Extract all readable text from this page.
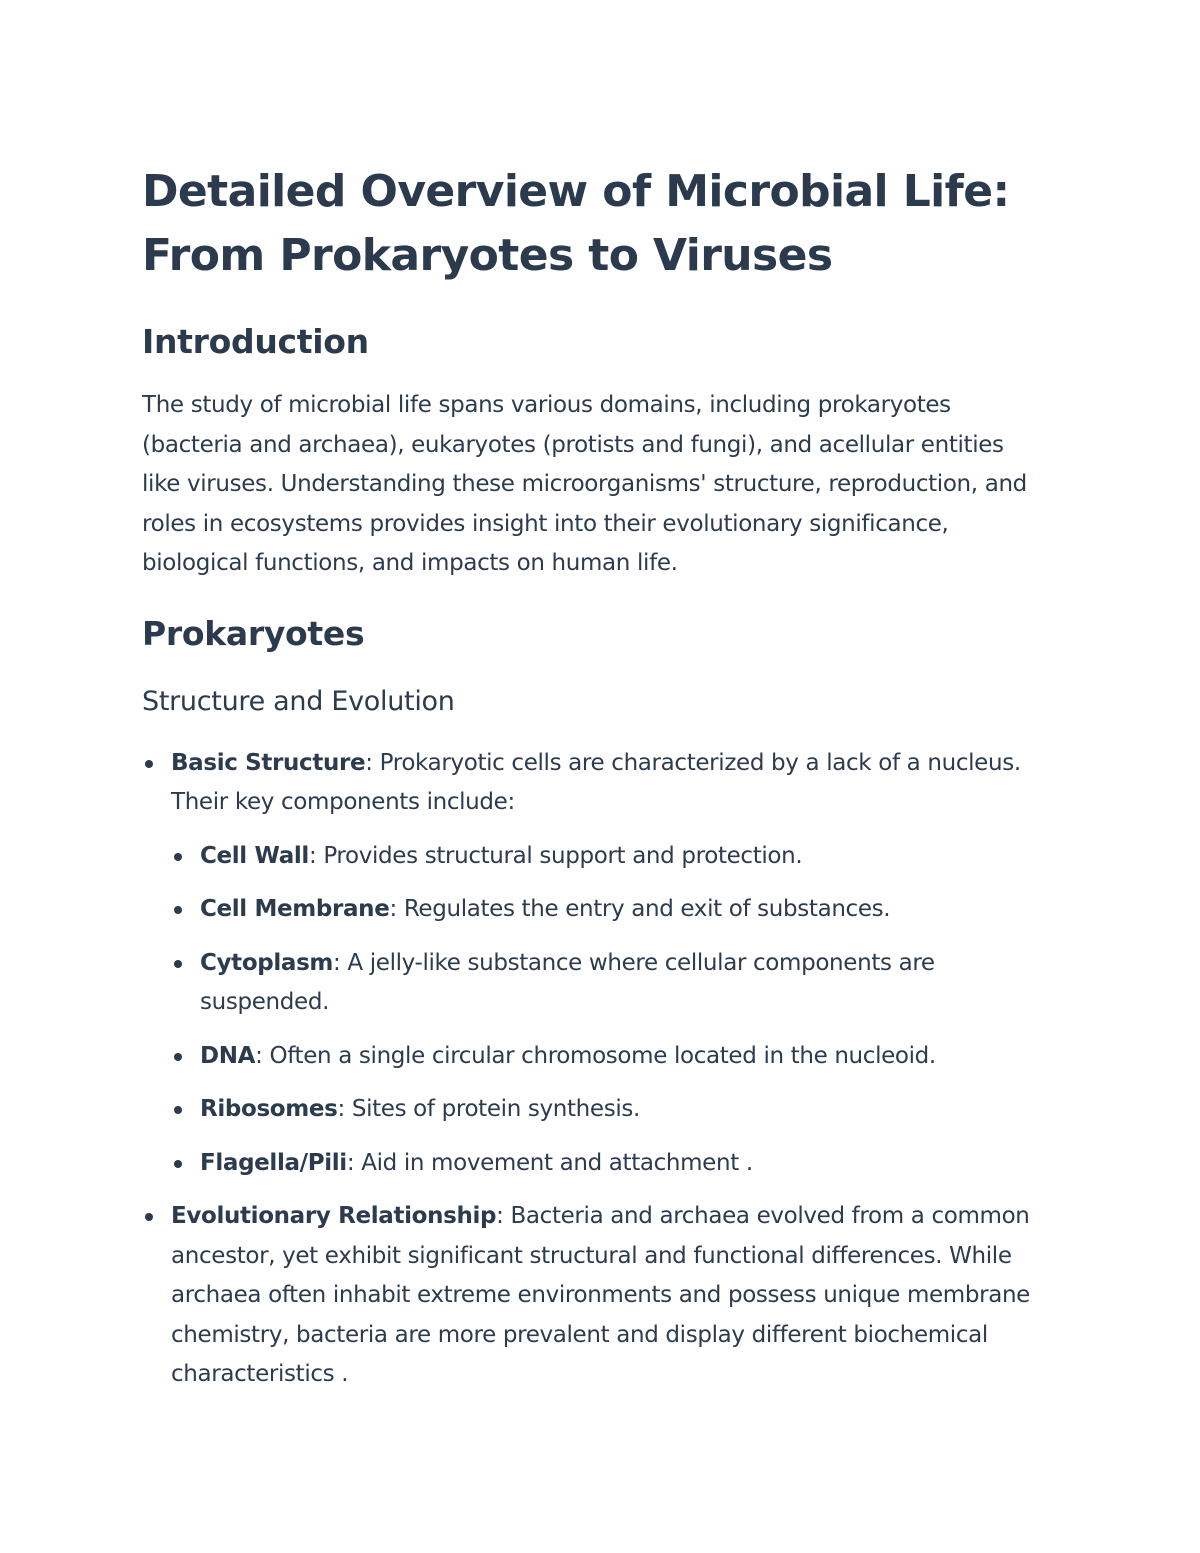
Detailed Overview of Microbial Life:
From Prokaryotes to Viruses
Introduction

The study of microbial life spans various domains, including prokaryotes (bacteria and archaea), eukaryotes (protists and fungi), and acellular entities like viruses. Understanding these microorganisms' structure, reproduction, and roles in ecosystems provides insight into their evolutionary significance, biological functions, and impacts on human life.

Prokaryotes
Structure and Evolution
Basic Structure: Prokaryotic cells are characterized by a lack of a nucleus. Their key components include:
Cell Wall: Provides structural support and protection.
Cell Membrane: Regulates the entry and exit of substances.
Cytoplasm: A jelly-like substance where cellular components are suspended.
DNA: Often a single circular chromosome located in the nucleoid.
Ribosomes: Sites of protein synthesis.
Flagella/Pili: Aid in movement and attachment .
Evolutionary Relationship: Bacteria and archaea evolved from a common ancestor, yet exhibit significant structural and functional differences. While archaea often inhabit extreme environments and possess unique membrane chemistry, bacteria are more prevalent and display different biochemical characteristics .
